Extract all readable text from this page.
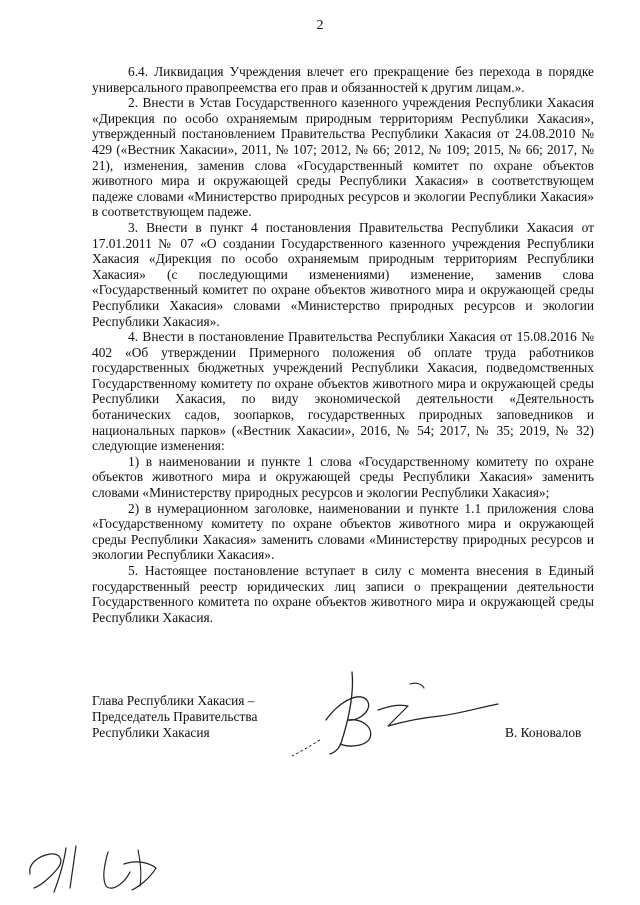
2

6.4. Ликвидация Учреждения влечет его прекращение без перехода в порядке универсального правопреемства его прав и обязанностей к другим лицам.».

2. Внести в Устав Государственного казенного учреждения Республики Хакасия «Дирекция по особо охраняемым природным территориям Республики Хакасия», утвержденный постановлением Правительства Республики Хакасия от 24.08.2010 № 429 («Вестник Хакасии», 2011, № 107; 2012, № 66; 2012, № 109; 2015, № 66; 2017, № 21), изменения, заменив слова «Государственный комитет по охране объектов животного мира и окружающей среды Республики Хакасия» в соответствующем падеже словами «Министерство природных ресурсов и экологии Республики Хакасия» в соответствующем падеже.

3. Внести в пункт 4 постановления Правительства Республики Хакасия от 17.01.2011 № 07 «О создании Государственного казенного учреждения Республики Хакасия «Дирекция по особо охраняемым природным территориям Республики Хакасия» (с последующими изменениями) изменение, заменив слова «Государственный комитет по охране объектов животного мира и окружающей среды Республики Хакасия» словами «Министерство природных ресурсов и экологии Республики Хакасия».

4. Внести в постановление Правительства Республики Хакасия от 15.08.2016 № 402 «Об утверждении Примерного положения об оплате труда работников государственных бюджетных учреждений Республики Хакасия, подведомственных Государственному комитету по охране объектов животного мира и окружающей среды Республики Хакасия, по виду экономической деятельности «Деятельность ботанических садов, зоопарков, государственных природных заповедников и национальных парков» («Вестник Хакасии», 2016, № 54; 2017, № 35; 2019, № 32) следующие изменения:

1) в наименовании и пункте 1 слова «Государственному комитету по охране объектов животного мира и окружающей среды Республики Хакасия» заменить словами «Министерству природных ресурсов и экологии Республики Хакасия»;

2) в нумерационном заголовке, наименовании и пункте 1.1 приложения слова «Государственному комитету по охране объектов животного мира и окружающей среды Республики Хакасия» заменить словами «Министерству природных ресурсов и экологии Республики Хакасия».

5. Настоящее постановление вступает в силу с момента внесения в Единый государственный реестр юридических лиц записи о прекращении деятельности Государственного комитета по охране объектов животного мира и окружающей среды Республики Хакасия.

Глава Республики Хакасия –
Председатель Правительства
Республики Хакасия	В. Коновалов
